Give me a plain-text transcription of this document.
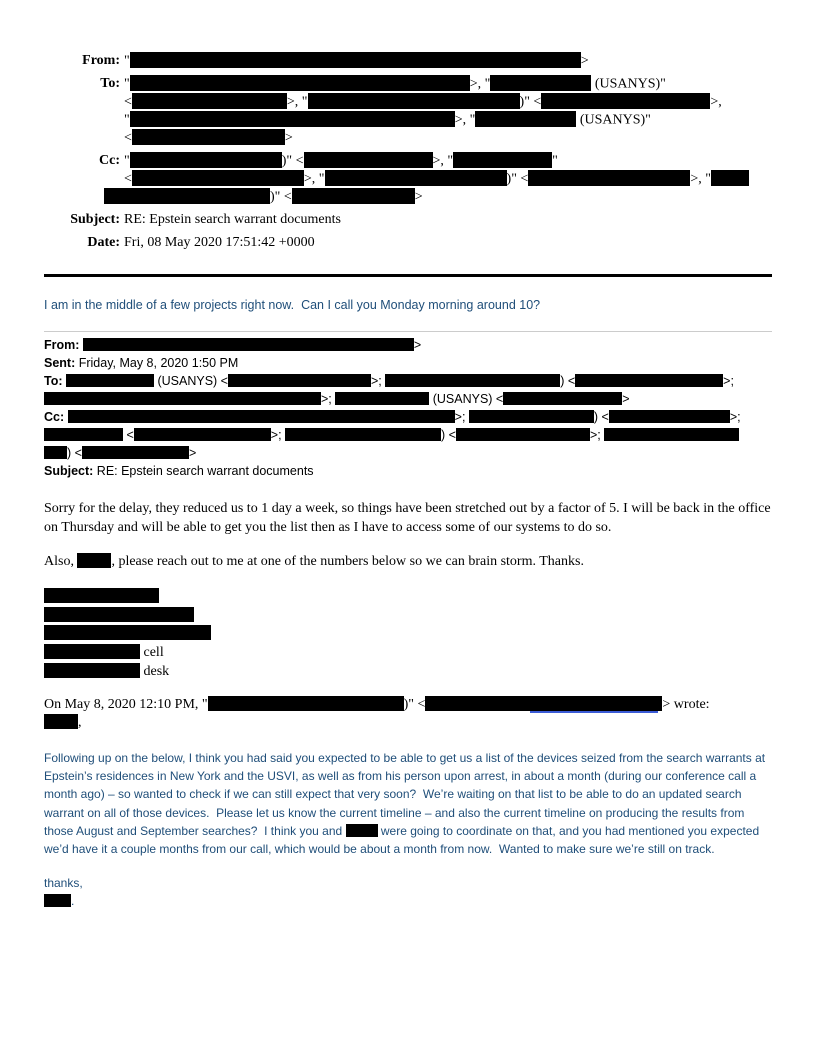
From: "	>
To: "	>, "	(USANYS)"
<	>, "	)" <	>,
"	>, "	(USANYS)"
<	>
Cc: "	)" <	>, "	"
<	>, "	)" <	>, "
)" <	>
Subject: RE: Epstein search warrant documents
Date: Fri, 08 May 2020 17:51:42 +0000
I am in the middle of a few projects right now.  Can I call you Monday morning around 10?
From:	>
Sent: Friday, May 8, 2020 1:50 PM
To:	(USANYS) <	>;	) <	>;
>;	(USANYS) <	>
Cc:	>;	) <	>;
<	>;	) <	>;
) <	>
Subject: RE: Epstein search warrant documents
Sorry for the delay, they reduced us to 1 day a week, so things have been stretched out by a factor of 5. I will be back in the office on Thursday and will be able to get you the list then as I have to access some of our systems to do so.
Also, , please reach out to me at one of the numbers below so we can brain storm. Thanks.
cell
desk
On May 8, 2020 12:10 PM, "	)" <	> wrote:
,
Following up on the below, I think you had said you expected to be able to get us a list of the devices seized from the search warrants at Epstein’s residences in New York and the USVI, as well as from his person upon arrest, in about a month (during our conference call a month ago) – so wanted to check if we can still expect that very soon?  We’re waiting on that list to be able to do an updated search warrant on all of those devices.  Please let us know the current timeline – and also the current timeline on producing the results from those August and September searches?  I think you and	were going to coordinate on that, and you had mentioned you expected we’d have it a couple months from our call, which would be about a month from now.  Wanted to make sure we’re still on track.
thanks,
.
